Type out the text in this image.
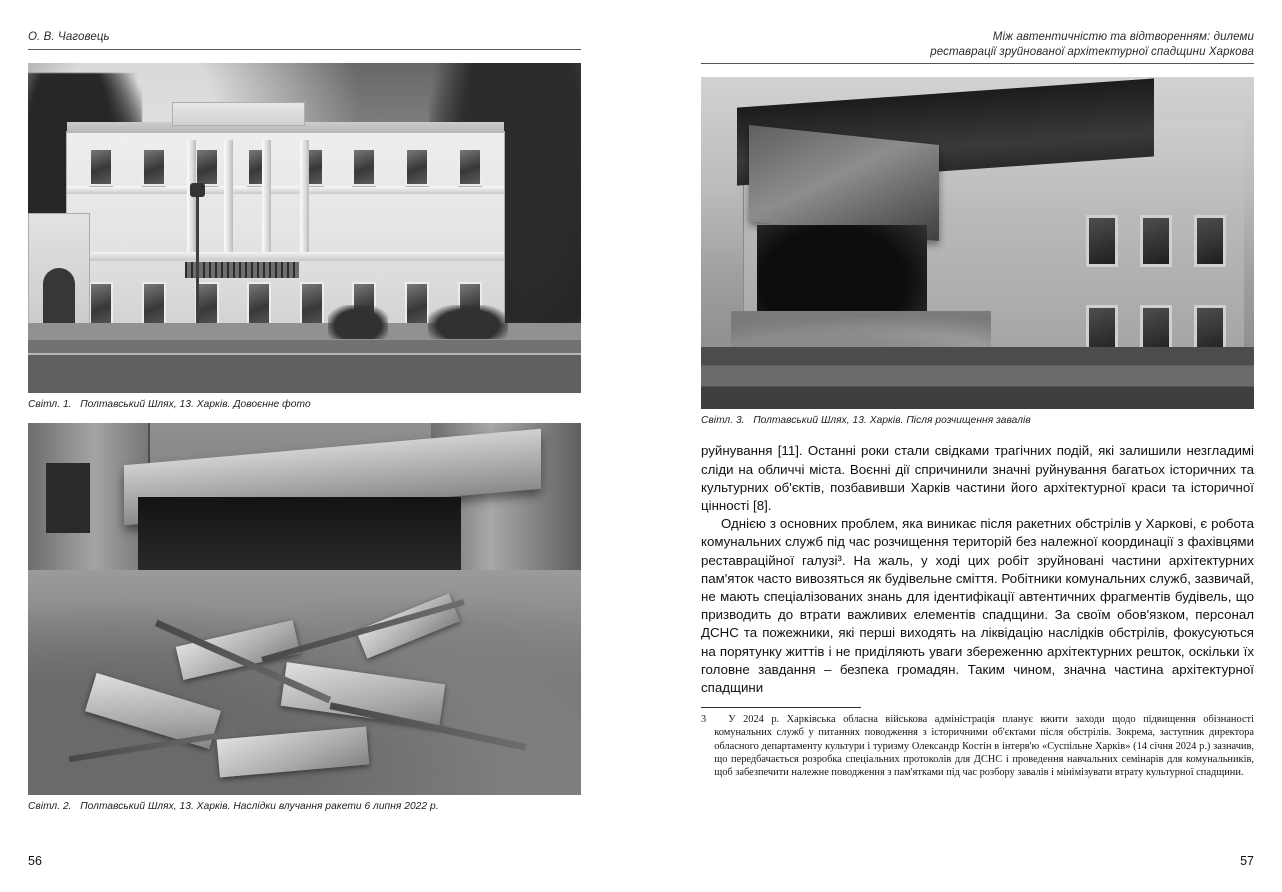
О. В. Чаговець
Світл. 1. Полтавський Шлях, 13. Харків. Довоєнне фото
Світл. 2. Полтавський Шлях, 13. Харків. Наслідки влучання ракети 6 липня 2022 р.
56
Між автентичністю та відтворенням: дилеми
реставрації зруйнованої архітектурної спадщини Харкова
Світл. 3. Полтавський Шлях, 13. Харків. Після розчищення завалів

руйнування [11]. Останні роки стали свідками трагічних подій, які залишили незгладимі сліди на обличчі міста. Воєнні дії спричинили значні руйнування багатьох історичних та культурних об'єктів, позбавивши Харків частини його архітектурної краси та історичної цінності [8].

Однією з основних проблем, яка виникає після ракетних обстрілів у Харкові, є робота комунальних служб під час розчищення територій без належної координації з фахівцями реставраційної галузі³. На жаль, у ході цих робіт зруйновані частини архітектурних пам'яток часто вивозяться як будівельне сміття. Робітники комунальних служб, зазвичай, не мають спеціалізованих знань для ідентифікації автентичних фрагментів будівель, що призводить до втрати важливих елементів спадщини. За своїм обов'язком, персонал ДСНС та пожежники, які перші виходять на ліквідацію наслідків обстрілів, фокусуються на порятунку життів і не приділяють уваги збереженню архітектурних решток, оскільки їх головне завдання – безпека громадян. Таким чином, значна частина архітектурної спадщини

3	У 2024 р. Харківська обласна військова адміністрація планує вжити заходи щодо підвищення обізнаності комунальних служб у питаннях поводження з історичними об'єктами після обстрілів. Зокрема, заступник директора обласного департаменту культури і туризму Олександр Костін в інтерв'ю «Суспільне Харків» (14 січня 2024 р.) зазначив, що передбачається розробка спеціальних протоколів для ДСНС і проведення навчальних семінарів для комунальників, щоб забезпечити належне поводження з пам'ятками під час розбору завалів і мінімізувати втрату культурної спадщини.
57
